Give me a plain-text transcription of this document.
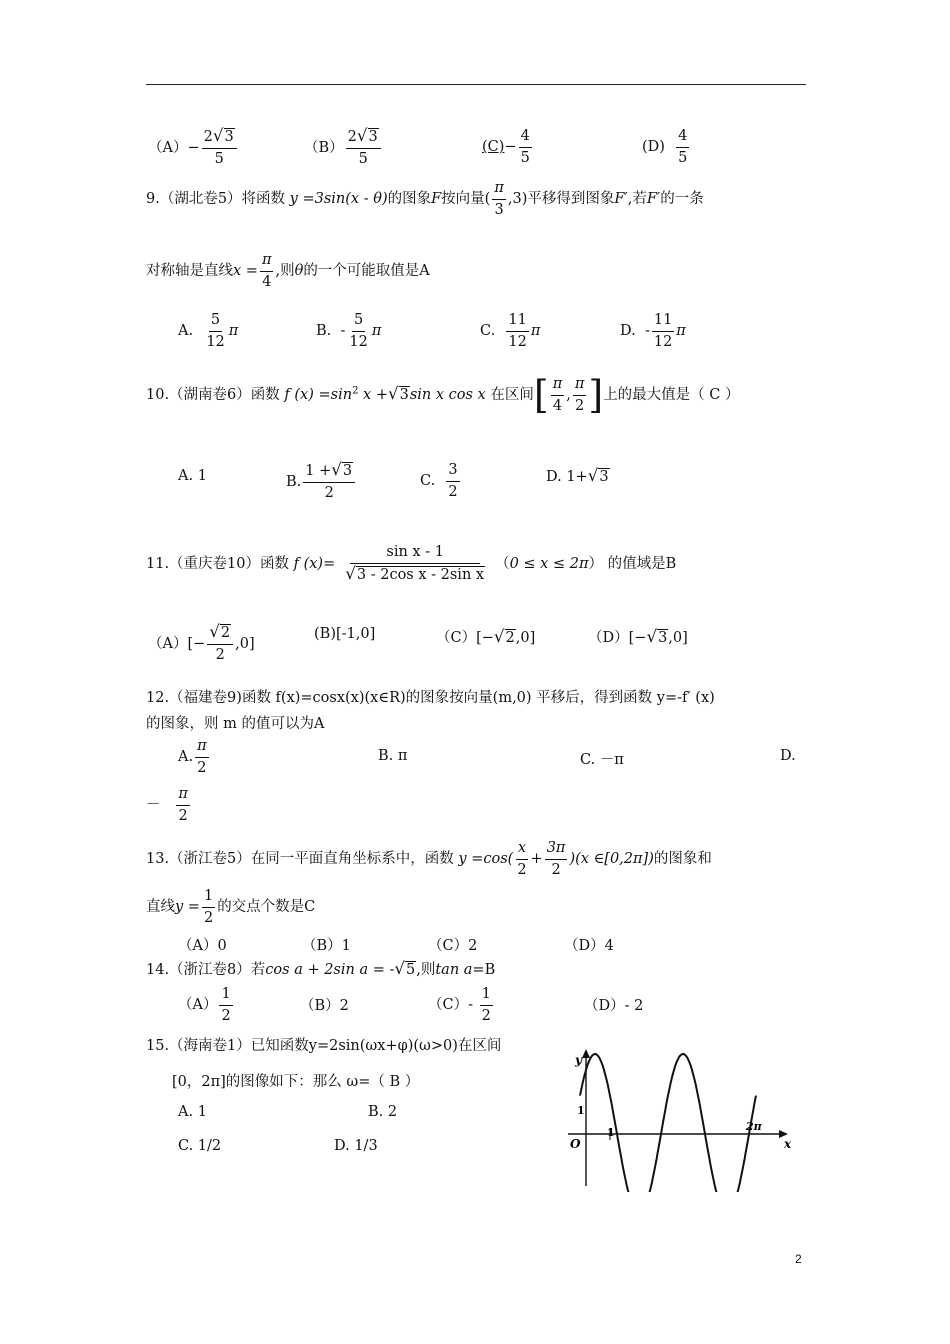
$(A)- \frac{2 √ 3}{5}$	$(B) \frac{2 √ 3}{5}$	$(C)- \frac{4}{5}$	$(D) \frac{4}{5}$
9.（湖北卷5）将函数 y =3sin(x - θ)的图象F按向量( $\frac{\pi}{3} ,3$)平移得到图象F′,若F′的一条
对称轴是直线$x = \frac{\pi}{4}$ ,则θ的一个可能取值是A
A. $\frac{5}{12}$ π	B. - $\frac{5}{12}$ π	C. $\frac{11}{12}$ π	D. - $\frac{11}{12}$ π
10.（湖南卷6）函数 f $(x) =\sin^2$ x + √ 3 sin x cos x 在区间 [ $\frac{\pi}{4}$ , $\frac{\pi}{2}$ ] 上的最大值是（ C ）
A. 1	B. $\frac{1 + √ 3}{2}$	C. $\frac{3}{2}$	D. 1+ √ 3
11.（重庆卷10）函数 f $(x)= \frac{\text{sin x - 1}}{\text{√ 3 - 2cos x - 2sin x}} (0 \le x \le 2\pi)$ 的值域是B
$(A)[- \frac{√ 2}{2} ,0]$
(B)[-1,0]	（C）[− √ 2 ,0]	（D）[− √ 3 ,0]
12.（福建卷9)函数 f(x)=cosx(x)(x∈R)的图象按向量(m,0) 平移后，得到函数 y=-f′ (x)
的图象，则 m 的值可以为A
A. $\frac{\pi}{2}$	B. π	C. －π	D.
－ $\frac{\pi}{2}$
13.（浙江卷5）在同一平面直角坐标系中，函数 $y =\cos( \frac{x}{2} + \frac{3\pi}{2} )(x$ ∈[0,2π])的图象和
直线$y = \frac{1}{2}$ 的交点个数是C
（A）0	（B）1	（C）2	（D）4
14.（浙江卷8）若cos a + 2sin a = - √ 5 ,则tan a=B
$(A) \frac{1}{2}$	（B）2	$(C)- \frac{1}{2}$	（D）- 2
15.（海南卷1）已知函数y=2sin(ωx+φ)(ω>0)在区间
[0，2π]的图像如下：那么 ω=（ B ）
A. 1	B. 2
C. 1/2	D. 1/3
y
x
O
1
1	2π
2
